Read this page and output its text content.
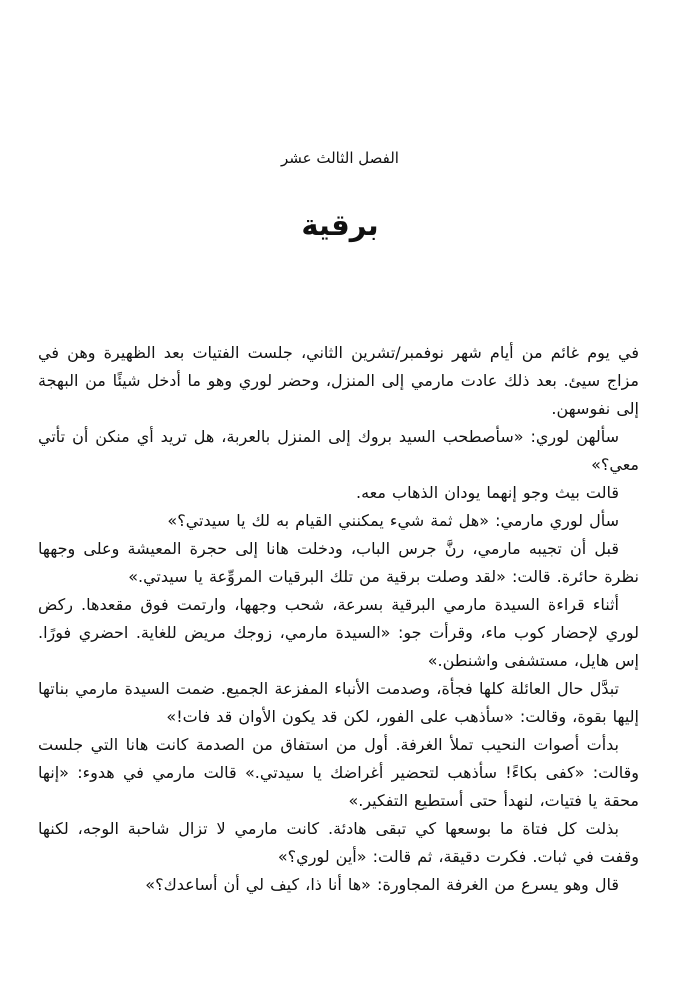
الفصل الثالث عشر
برقية

في يوم غائم من أيام شهر نوفمبر/تشرين الثاني، جلست الفتيات بعد الظهيرة وهن في مزاج سيئ. بعد ذلك عادت مارمي إلى المنزل، وحضر لوري وهو ما أدخل شيئًا من البهجة إلى نفوسهن.

سألهن لوري: «سأصطحب السيد بروك إلى المنزل بالعربة، هل تريد أي منكن أن تأتي معي؟»

قالت بيث وجو إنهما يودان الذهاب معه.

سأل لوري مارمي: «هل ثمة شيء يمكنني القيام به لك يا سيدتي؟»

قبل أن تجيبه مارمي، رنَّ جرس الباب، ودخلت هانا إلى حجرة المعيشة وعلى وجهها نظرة حائرة. قالت: «لقد وصلت برقية من تلك البرقيات المروِّعة يا سيدتي.»

أثناء قراءة السيدة مارمي البرقية بسرعة، شحب وجهها، وارتمت فوق مقعدها. ركض لوري لإحضار كوب ماء، وقرأت جو: «السيدة مارمي، زوجك مريض للغاية. احضري فورًا. إس هايل، مستشفى واشنطن.»

تبدَّل حال العائلة كلها فجأة، وصدمت الأنباء المفزعة الجميع. ضمت السيدة مارمي بناتها إليها بقوة، وقالت: «سأذهب على الفور، لكن قد يكون الأوان قد فات!»

بدأت أصوات النحيب تملأ الغرفة. أول من استفاق من الصدمة كانت هانا التي جلست وقالت: «كفى بكاءً! سأذهب لتحضير أغراضك يا سيدتي.» قالت مارمي في هدوء: «إنها محقة يا فتيات، لنهدأ حتى أستطيع التفكير.»

بذلت كل فتاة ما بوسعها كي تبقى هادئة. كانت مارمي لا تزال شاحبة الوجه، لكنها وقفت في ثبات. فكرت دقيقة، ثم قالت: «أين لوري؟»

قال وهو يسرع من الغرفة المجاورة: «ها أنا ذا، كيف لي أن أساعدك؟»
